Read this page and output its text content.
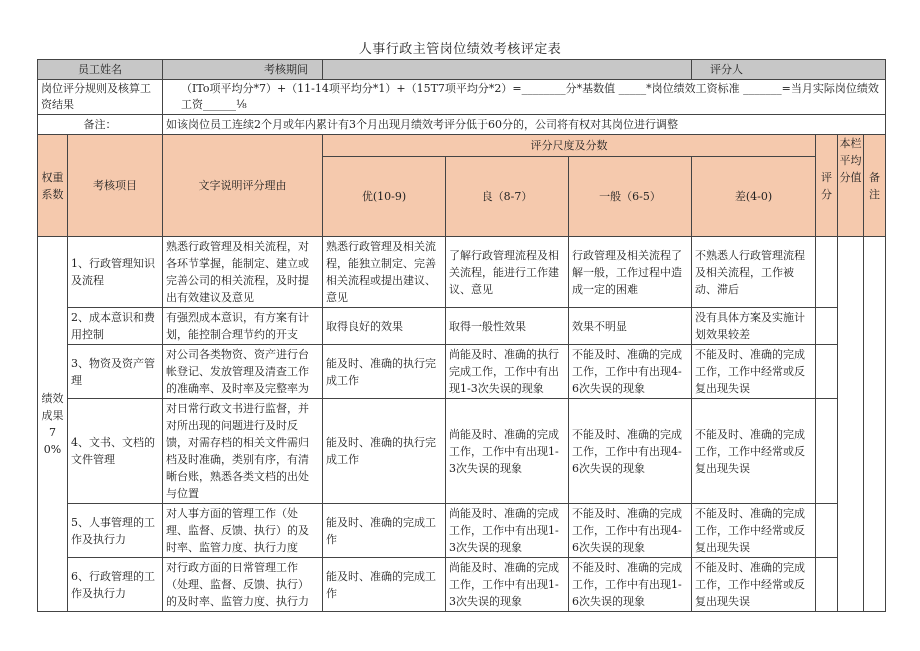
人事行政主管岗位绩效考核评定表
员工姓名		考核期间				评分人			
岗位评分规则及核算工资结果		（ITo项平均分*7）+（11-14项平均分*1）+（15T7项平均分*2）=________分*基数值 _____*岗位绩效工资标准 _______=当月实际岗位绩效工资______⅛							
备注：		如该岗位员工连续2个月或年内累计有3个月出现月绩效考评分低于60分的，公司将有权对其岗位进行调整							
权重系数	考核项目	文字说明评分理由	评分尺度及分数				评分	本栏平均分值	备注
			优(10-9)	良（8-7）	一般（6-5）	差(4-0)			
绩效成果70%	1、行政管理知识及流程	熟悉行政管理及相关流程，对各环节掌握，能制定、建立或完善公司的相关流程，及时提出有效建议及意见	熟悉行政管理及相关流程，能独立制定、完善相关流程或提出建议、意见	了解行政管理流程及相关流程，能进行工作建议、意见	行政管理及相关流程了解一般，工作过程中造成一定的困难	不熟悉人行政管理流程及相关流程，工作被动、滞后			
	2、成本意识和费用控制	有强烈成本意识，有方案有计划，能控制合理节约的开支	取得良好的效果	取得一般性效果	效果不明显	没有具体方案及实施计划效果较差			
	3、物资及资产管理	对公司各类物资、资产进行台帐登记、发放管理及清查工作的准确率、及时率及完整率为	能及时、准确的执行完成工作	尚能及时、准确的执行完成工作，工作中有出现1-3次失误的现象	不能及时、准确的完成工作，工作中有出现4-6次失误的现象	不能及时、准确的完成工作，工作中经常或反复出现失误			
	4、文书、文档的文件管理	对日常行政文书进行监督，并对所出现的问题进行及时反馈，对需存档的相关文件需归档及时准确，类别有序，有清晰台账，熟悉各类文档的出处与位置	能及时、准确的执行完成工作	尚能及时、准确的完成工作，工作中有出现1-3次失误的现象	不能及时、准确的完成工作，工作中有出现4-6次失误的现象	不能及时、准确的完成工作，工作中经常或反复出现失误			
	5、人事管理的工作及执行力	对人事方面的管理工作（处理、监督、反馈、执行）的及时率、监管力度、执行力度	能及时、准确的完成工作	尚能及时、准确的完成工作，工作中有出现1-3次失误的现象	不能及时、准确的完成工作，工作中有出现4-6次失误的现象	不能及时、准确的完成工作，工作中经常或反复出现失误			
	6、行政管理的工作及执行力	对行政方面的日常管理工作（处理、监督、反馈、执行）的及时率、监管力度、执行力	能及时、准确的完成工作	尚能及时、准确的完成工作，工作中有出现1-3次失误的现象	不能及时、准确的完成工作，工作中有出现1-6次失误的现象	不能及时、准确的完成工作，工作中经常或反复出现失误			
